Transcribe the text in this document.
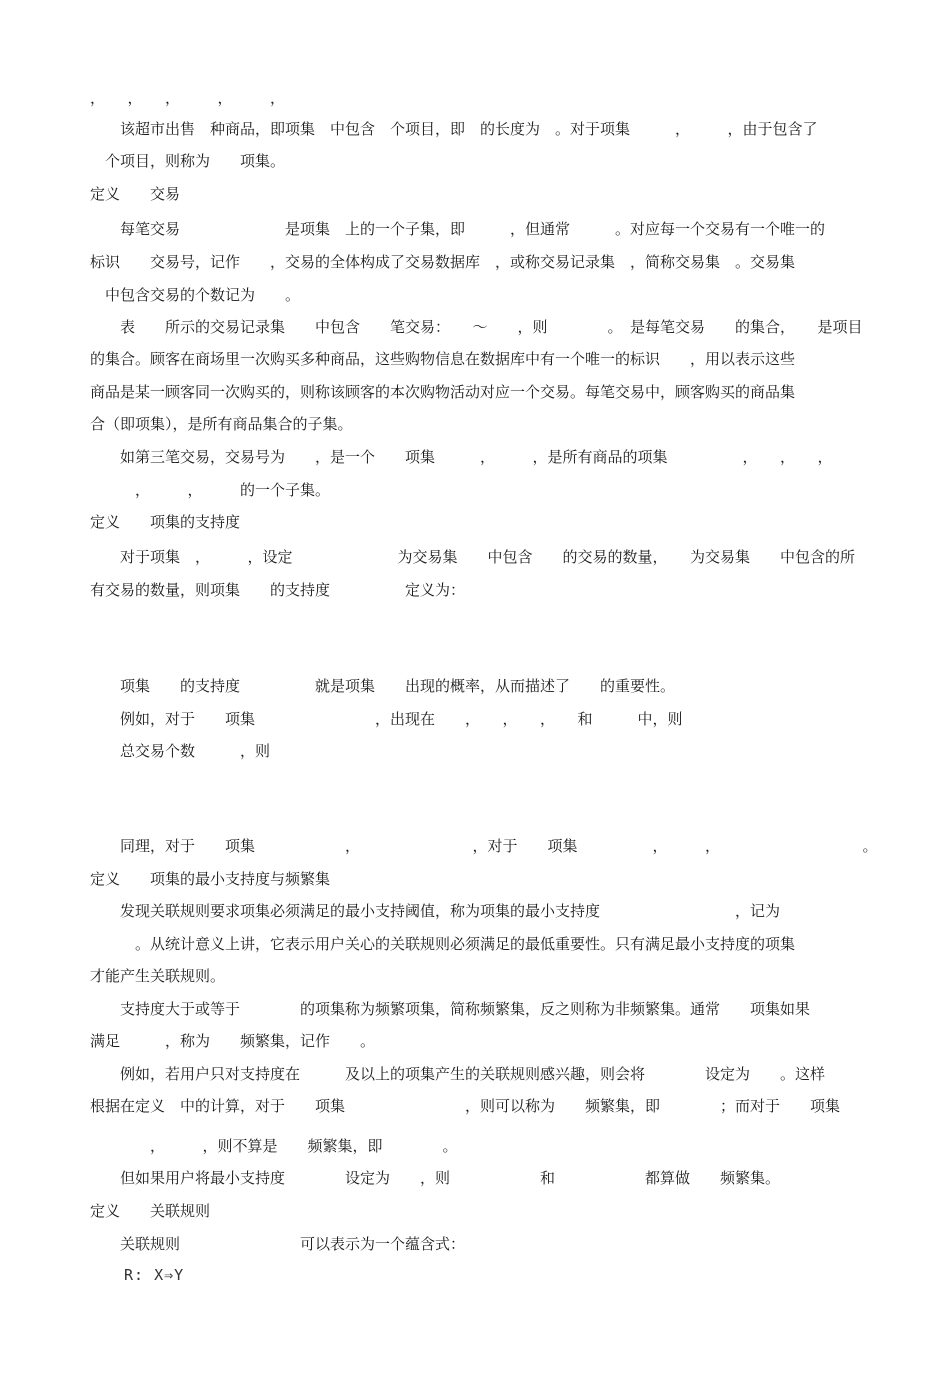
，　　，　　，　　　，　　　，
　　该超市出售　种商品，即项集　中包含　个项目，即　的长度为　。对于项集　　　，　　　，由于包含了
　个项目，则称为　　项集。
定义　　交易
　　每笔交易　　　　　　　是项集　上的一个子集，即　　　，但通常　　　。对应每一个交易有一个唯一的
标识　　交易号，记作　　，交易的全体构成了交易数据库　，或称交易记录集　，简称交易集　。交易集
　中包含交易的个数记为　　。
　　表　　所示的交易记录集　　中包含　　笔交易：　　～　　，则　　　　。　是每笔交易　　的集合，　　是项目
的集合。顾客在商场里一次购买多种商品，这些购物信息在数据库中有一个唯一的标识　　，用以表示这些
商品是某一顾客同一次购买的，则称该顾客的本次购物活动对应一个交易。每笔交易中，顾客购买的商品集
合（即项集），是所有商品集合的子集。
　　如第三笔交易，交易号为　　，是一个　　项集　　　，　　　，是所有商品的项集　　　　　，　　，　　，
　　　，　　　，　　　的一个子集。
定义　　项集的支持度
　　对于项集　，　　　，设定　　　　　　　为交易集　　中包含　　的交易的数量，　　为交易集　　中包含的所
有交易的数量，则项集　　的支持度　　　　　定义为：
　　项集　　的支持度　　　　　就是项集　　出现的概率，从而描述了　　的重要性。
　　例如，对于　　项集　　　　　　　　，出现在　　，　　，　　，　　和　　　中，则
　　总交易个数　　　，则
　　同理，对于　　项集　　　　　　，　　　　　　　　，对于　　项集　　　　　，　　　，　　　　　　　　　　。
定义　　项集的最小支持度与频繁集
　　发现关联规则要求项集必须满足的最小支持阈值，称为项集的最小支持度　　　　　　　　　，记为
　　　。从统计意义上讲，它表示用户关心的关联规则必须满足的最低重要性。只有满足最小支持度的项集
才能产生关联规则。
　　支持度大于或等于　　　　的项集称为频繁项集，简称频繁集，反之则称为非频繁集。通常　　项集如果
满足　　　，称为　　频繁集，记作　　。
　　例如，若用户只对支持度在　　　及以上的项集产生的关联规则感兴趣，则会将　　　　设定为　　。这样
根据在定义　中的计算，对于　　项集　　　　　　　　，则可以称为　　频繁集，即　　　　；而对于　　项集
　　　　，　　　，则不算是　　频繁集，即　　　　。
　　但如果用户将最小支持度　　　　设定为　　，则　　　　　　和　　　　　　都算做　　频繁集。
定义　　关联规则
　　关联规则　　　　　　　　可以表示为一个蕴含式：
R: X⇒Y
